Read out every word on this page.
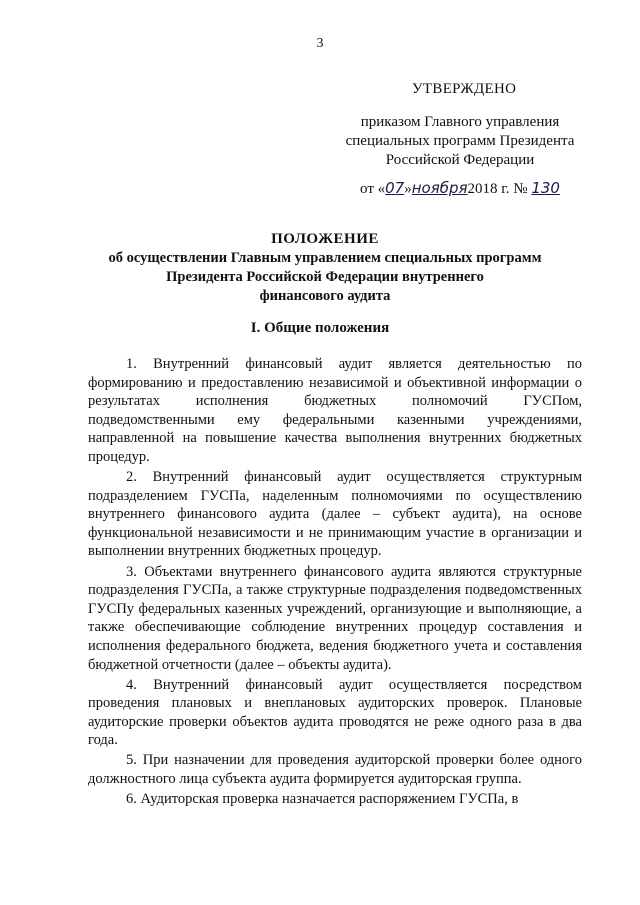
3
УТВЕРЖДЕНО
приказом Главного управления
специальных программ Президента
Российской Федерации
от «07»ноября2018 г. № 130
ПОЛОЖЕНИЕ
об осуществлении Главным управлением специальных программ
Президента Российской Федерации внутреннего
финансового аудита
I. Общие положения

1. Внутренний финансовый аудит является деятельностью по формированию и предоставлению независимой и объективной информации о результатах исполнения бюджетных полномочий ГУСПом, подведомственными ему федеральными казенными учреждениями, направленной на повышение качества выполнения внутренних бюджетных процедур.

2. Внутренний финансовый аудит осуществляется структурным подразделением ГУСПа, наделенным полномочиями по осуществлению внутреннего финансового аудита (далее – субъект аудита), на основе функциональной независимости и не принимающим участие в организации и выполнении внутренних бюджетных процедур.

3. Объектами внутреннего финансового аудита являются структурные подразделения ГУСПа, а также структурные подразделения подведомственных ГУСПу федеральных казенных учреждений, организующие и выполняющие, а также обеспечивающие соблюдение внутренних процедур составления и исполнения федерального бюджета, ведения бюджетного учета и составления бюджетной отчетности (далее – объекты аудита).

4. Внутренний финансовый аудит осуществляется посредством проведения плановых и внеплановых аудиторских проверок. Плановые аудиторские проверки объектов аудита проводятся не реже одного раза в два года.

5. При назначении для проведения аудиторской проверки более одного должностного лица субъекта аудита формируется аудиторская группа.

6. Аудиторская проверка назначается распоряжением ГУСПа, в
